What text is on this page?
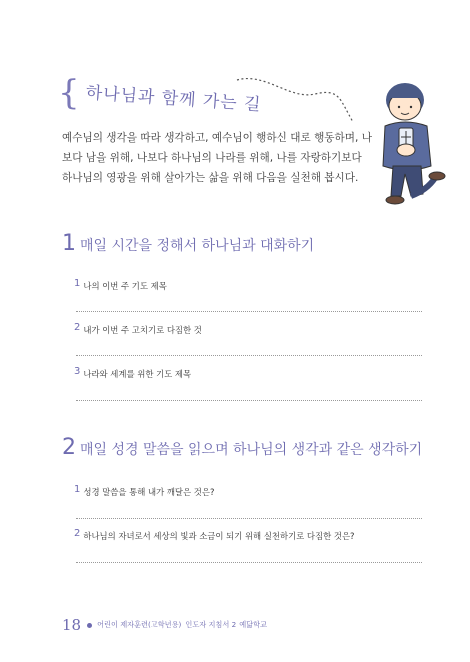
{ 하나님과 함께 가는 길

예수님의 생각을 따라 생각하고, 예수님이 행하신 대로 행동하며, 나보다 남을 위해, 나보다 하나님의 나라를 위해, 나를 자랑하기보다 하나님의 영광을 위해 살아가는 삶을 위해 다음을 실천해 봅시다.

1 매일 시간을 정해서 하나님과 대화하기
1 나의 이번 주 기도 제목
2 내가 이번 주 고치기로 다짐한 것
3 나라와 세계를 위한 기도 제목
2 매일 성경 말씀을 읽으며 하나님의 생각과 같은 생각하기
1 성경 말씀을 통해 내가 깨달은 것은?
2 하나님의 자녀로서 세상의 빛과 소금이 되기 위해 실천하기로 다짐한 것은?
18 어린이 제자훈련(고학년용) 인도자 지침서 2 예닮학교
